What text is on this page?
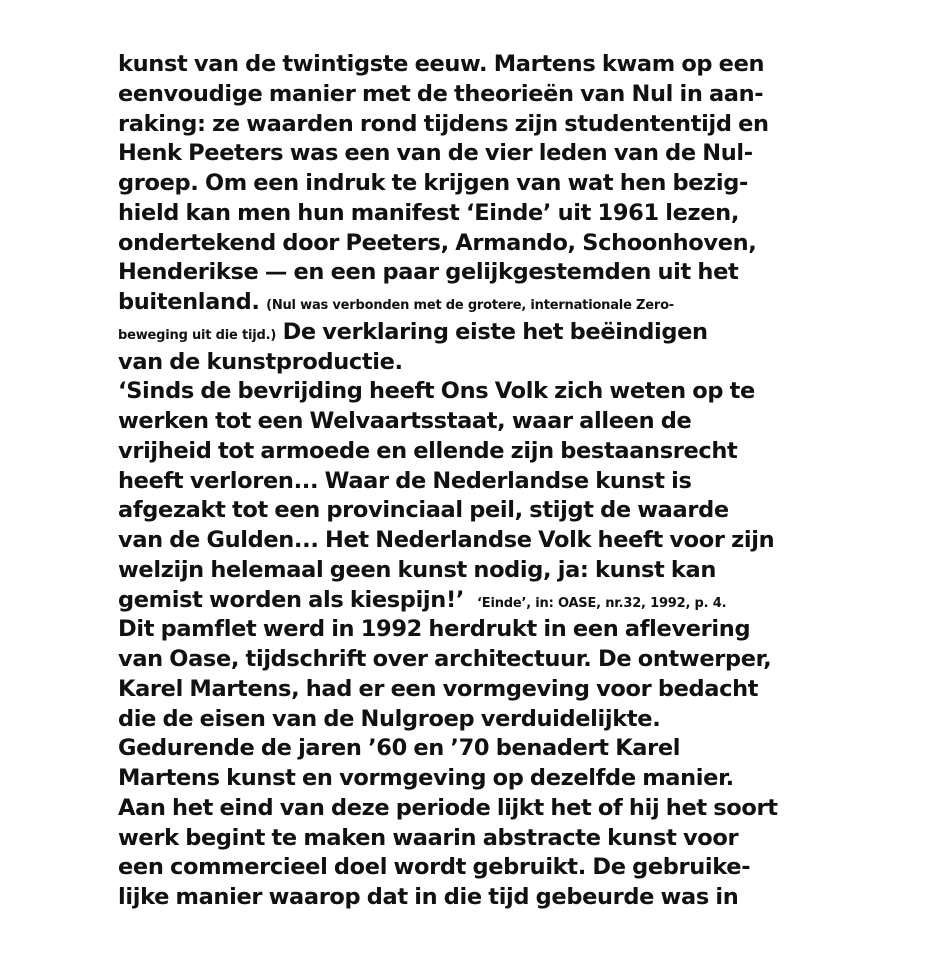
kunst van de twintigste eeuw. Martens kwam op een
eenvoudige manier met de theorieën van Nul in aan-
raking: ze waarden rond tijdens zijn studententijd en
Henk Peeters was een van de vier leden van de Nul-
groep. Om een indruk te krijgen van wat hen bezig-
hield kan men hun manifest ‘Einde’ uit 1961 lezen,
ondertekend door Peeters, Armando, Schoonhoven,
Henderikse — en een paar gelijkgestemden uit het
buitenland. (Nul was verbonden met de grotere, internationale Zero-
beweging uit die tijd.) De verklaring eiste het beëindigen
van de kunstproductie.
‘Sinds de bevrijding heeft Ons Volk zich weten op te
werken tot een Welvaartsstaat, waar alleen de
vrijheid tot armoede en ellende zijn bestaansrecht
heeft verloren... Waar de Nederlandse kunst is
afgezakt tot een provinciaal peil, stijgt de waarde
van de Gulden... Het Nederlandse Volk heeft voor zijn
welzijn helemaal geen kunst nodig, ja: kunst kan
gemist worden als kiespijn!’ ‘Einde’, in: OASE, nr.32, 1992, p. 4.
Dit pamflet werd in 1992 herdrukt in een aflevering
van Oase, tijdschrift over architectuur. De ontwerper,
Karel Martens, had er een vormgeving voor bedacht
die de eisen van de Nulgroep verduidelijkte.
Gedurende de jaren ’60 en ’70 benadert Karel
Martens kunst en vormgeving op dezelfde manier.
Aan het eind van deze periode lijkt het of hij het soort
werk begint te maken waarin abstracte kunst voor
een commercieel doel wordt gebruikt. De gebruike-
lijke manier waarop dat in die tijd gebeurde was in
